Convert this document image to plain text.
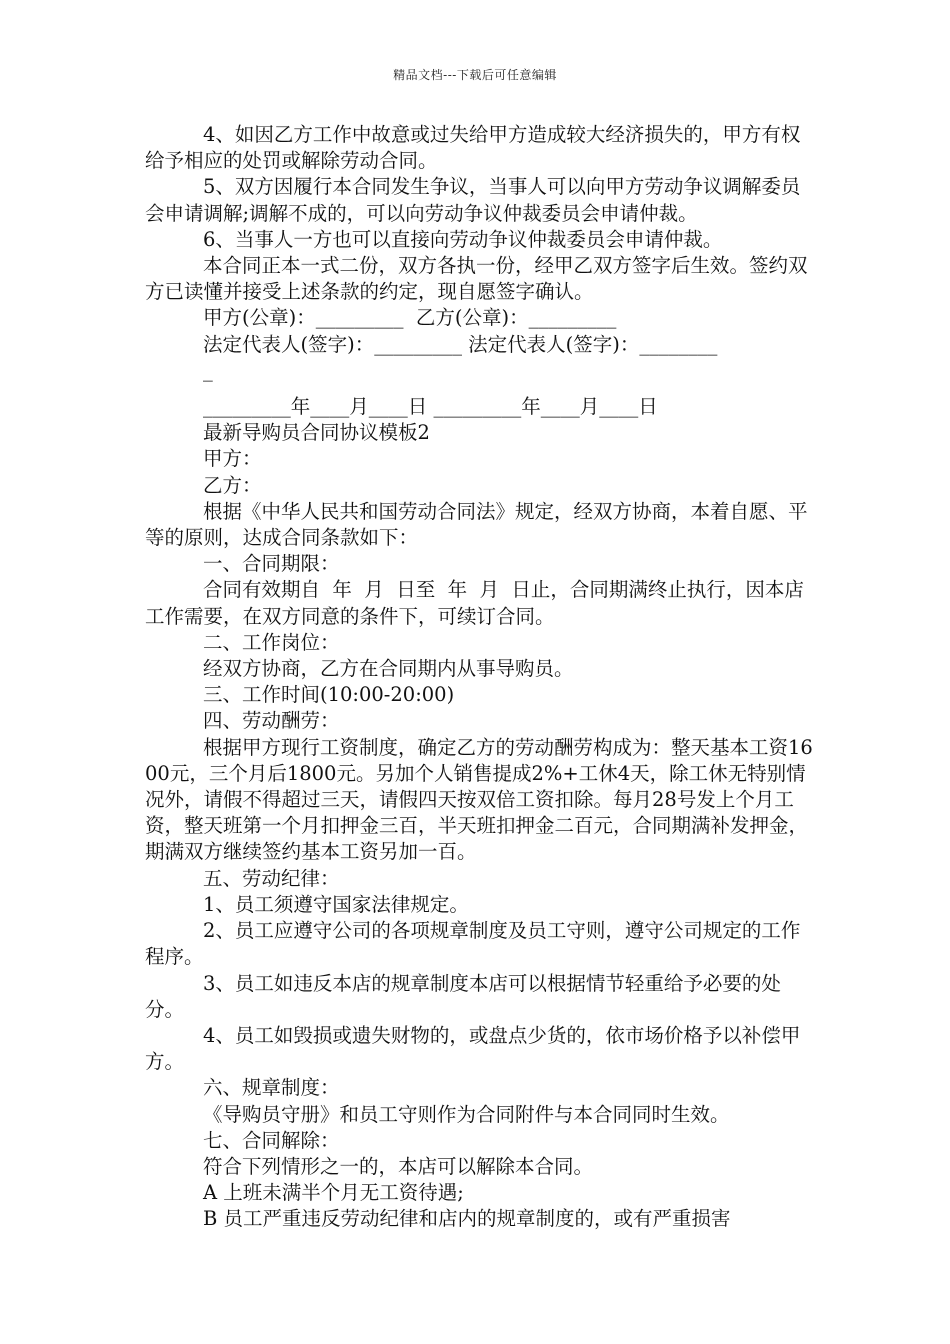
精品文档---下载后可任意编辑

4、如因乙方工作中故意或过失给甲方造成较大经济损失的，甲方有权给予相应的处罚或解除劳动合同。

5、双方因履行本合同发生争议，当事人可以向甲方劳动争议调解委员会申请调解;调解不成的，可以向劳动争议仲裁委员会申请仲裁。

6、当事人一方也可以直接向劳动争议仲裁委员会申请仲裁。

本合同正本一式二份，双方各执一份，经甲乙双方签字后生效。签约双方已读懂并接受上述条款的约定，现自愿签字确认。

甲方(公章)：_________  乙方(公章)：_________

法定代表人(签字)：_________ 法定代表人(签字)：________
_

_________年____月____日 _________年____月____日

最新导购员合同协议模板2

甲方：

乙方：

根据《中华人民共和国劳动合同法》规定，经双方协商，本着自愿、平等的原则，达成合同条款如下：

一、合同期限：

合同有效期自  年  月  日至  年  月  日止，合同期满终止执行，因本店工作需要，在双方同意的条件下，可续订合同。

二、工作岗位：

经双方协商，乙方在合同期内从事导购员。

三、工作时间(10:00-20:00)

四、劳动酬劳：

根据甲方现行工资制度，确定乙方的劳动酬劳构成为：整天基本工资1600元，三个月后1800元。另加个人销售提成2%+工休4天，除工休无特别情况外，请假不得超过三天，请假四天按双倍工资扣除。每月28号发上个月工资，整天班第一个月扣押金三百，半天班扣押金二百元，合同期满补发押金，期满双方继续签约基本工资另加一百。

五、劳动纪律：

1、员工须遵守国家法律规定。

2、员工应遵守公司的各项规章制度及员工守则，遵守公司规定的工作程序。

3、员工如违反本店的规章制度本店可以根据情节轻重给予必要的处分。

4、员工如毁损或遗失财物的，或盘点少货的，依市场价格予以补偿甲方。

六、规章制度：

《导购员守册》和员工守则作为合同附件与本合同同时生效。

七、合同解除：

符合下列情形之一的，本店可以解除本合同。

A 上班未满半个月无工资待遇;

B 员工严重违反劳动纪律和店内的规章制度的，或有严重损害
